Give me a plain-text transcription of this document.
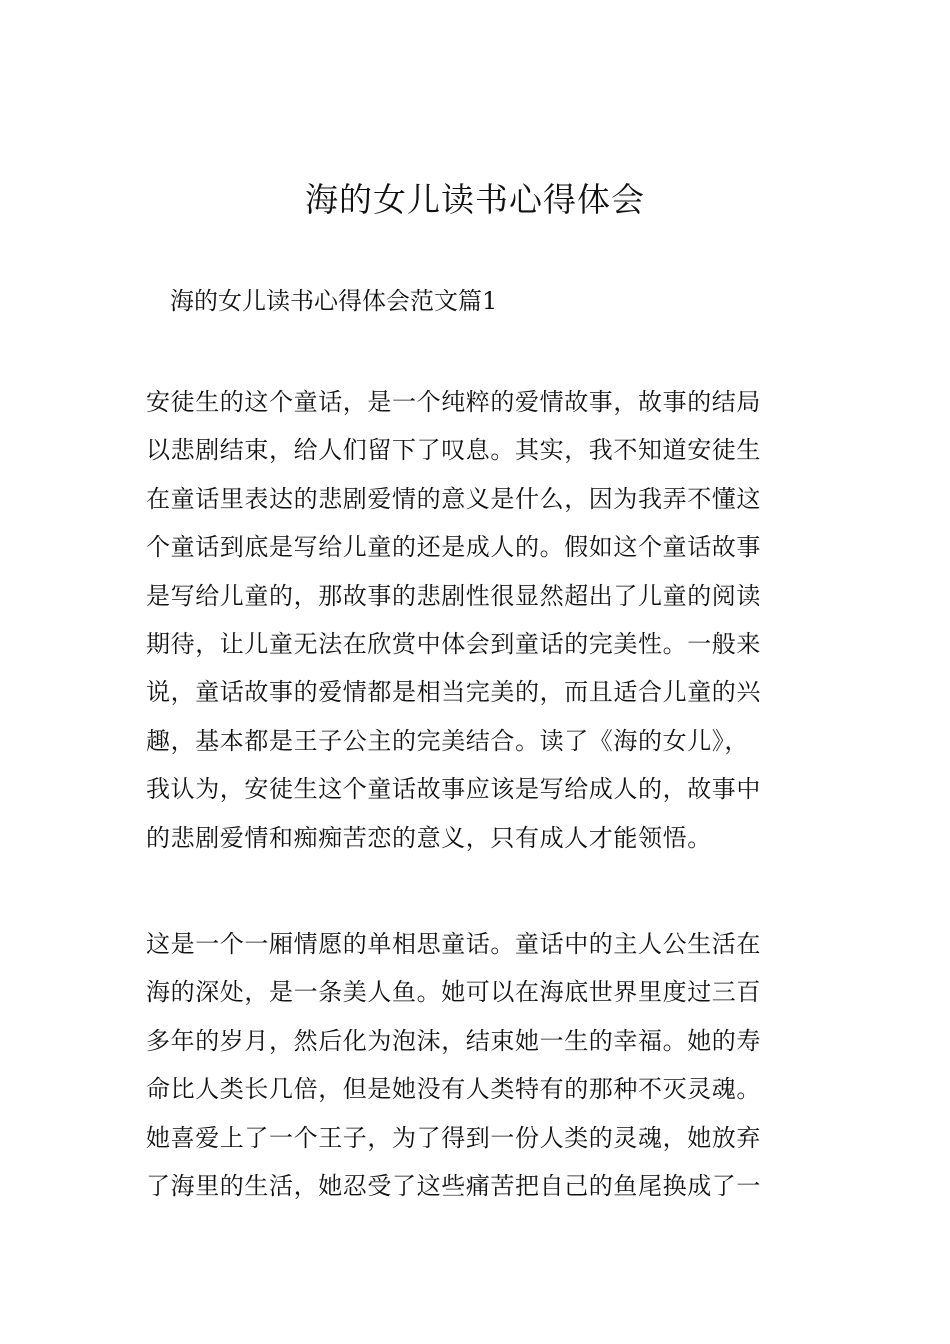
海的女儿读书心得体会

海的女儿读书心得体会范文篇1

安徒生的这个童话，是一个纯粹的爱情故事，故事的结局
以悲剧结束，给人们留下了叹息。其实，我不知道安徒生
在童话里表达的悲剧爱情的意义是什么，因为我弄不懂这
个童话到底是写给儿童的还是成人的。假如这个童话故事
是写给儿童的，那故事的悲剧性很显然超出了儿童的阅读
期待，让儿童无法在欣赏中体会到童话的完美性。一般来
说，童话故事的爱情都是相当完美的，而且适合儿童的兴
趣，基本都是王子公主的完美结合。读了《海的女儿》，
我认为，安徒生这个童话故事应该是写给成人的，故事中
的悲剧爱情和痴痴苦恋的意义，只有成人才能领悟。
这是一个一厢情愿的单相思童话。童话中的主人公生活在
海的深处，是一条美人鱼。她可以在海底世界里度过三百
多年的岁月，然后化为泡沫，结束她一生的幸福。她的寿
命比人类长几倍，但是她没有人类特有的那种不灭灵魂。
她喜爱上了一个王子，为了得到一份人类的灵魂，她放弃
了海里的生活，她忍受了这些痛苦把自己的鱼尾换成了一
